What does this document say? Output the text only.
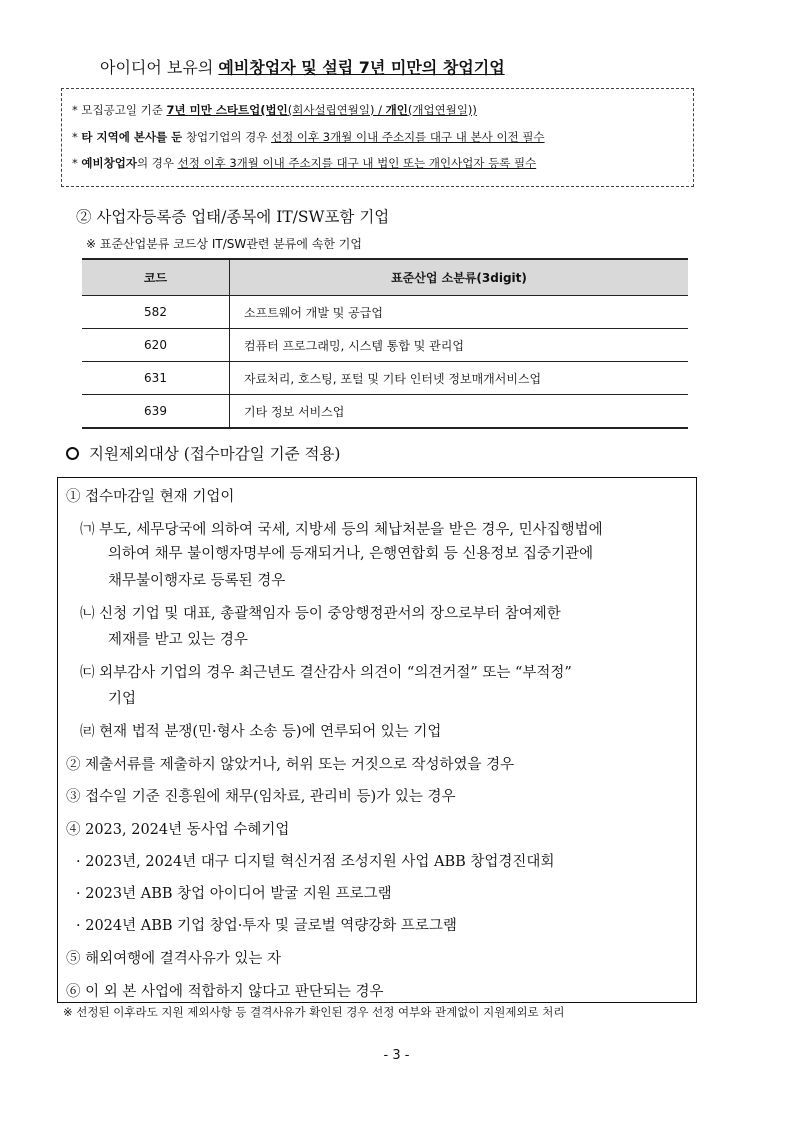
아이디어 보유의 예비창업자 및 설립 7년 미만의 창업기업
* 모집공고일 기준 7년 미만 스타트업(법인(회사설립연월일) / 개인(개업연월일))
* 타 지역에 본사를 둔 창업기업의 경우 선정 이후 3개월 이내 주소지를 대구 내 본사 이전 필수
* 예비창업자의 경우 선정 이후 3개월 이내 주소지를 대구 내 법인 또는 개인사업자 등록 필수
② 사업자등록증 업태/종목에 IT/SW포함 기업
※ 표준산업분류 코드상 IT/SW관련 분류에 속한 기업
코드	표준산업 소분류(3digit)
582	소프트웨어 개발 및 공급업
620	컴퓨터 프로그래밍, 시스템 통합 및 관리업
631	자료처리, 호스팅, 포털 및 기타 인터넷 정보매개서비스업
639	기타 정보 서비스업
지원제외대상 (접수마감일 기준 적용)
① 접수마감일 현재 기업이
㈀ 부도, 세무당국에 의하여 국세, 지방세 등의 체납처분을 받은 경우, 민사집행법에
의하여 채무 불이행자명부에 등재되거나, 은행연합회 등 신용정보 집중기관에
채무불이행자로 등록된 경우
㈁ 신청 기업 및 대표, 총괄책임자 등이 중앙행정관서의 장으로부터 참여제한
제재를 받고 있는 경우
㈂ 외부감사 기업의 경우 최근년도 결산감사 의견이 “의견거절” 또는 “부적정”
기업
㈃ 현재 법적 분쟁(민·형사 소송 등)에 연루되어 있는 기업
② 제출서류를 제출하지 않았거나, 허위 또는 거짓으로 작성하였을 경우
③ 접수일 기준 진흥원에 채무(임차료, 관리비 등)가 있는 경우
④ 2023, 2024년 동사업 수혜기업
· 2023년, 2024년 대구 디지털 혁신거점 조성지원 사업 ABB 창업경진대회
· 2023년 ABB 창업 아이디어 발굴 지원 프로그램
· 2024년 ABB 기업 창업·투자 및 글로벌 역량강화 프로그램
⑤ 해외여행에 결격사유가 있는 자
⑥ 이 외 본 사업에 적합하지 않다고 판단되는 경우
※ 선정된 이후라도 지원 제외사항 등 결격사유가 확인된 경우 선정 여부와 관계없이 지원제외로 처리
- 3 -
